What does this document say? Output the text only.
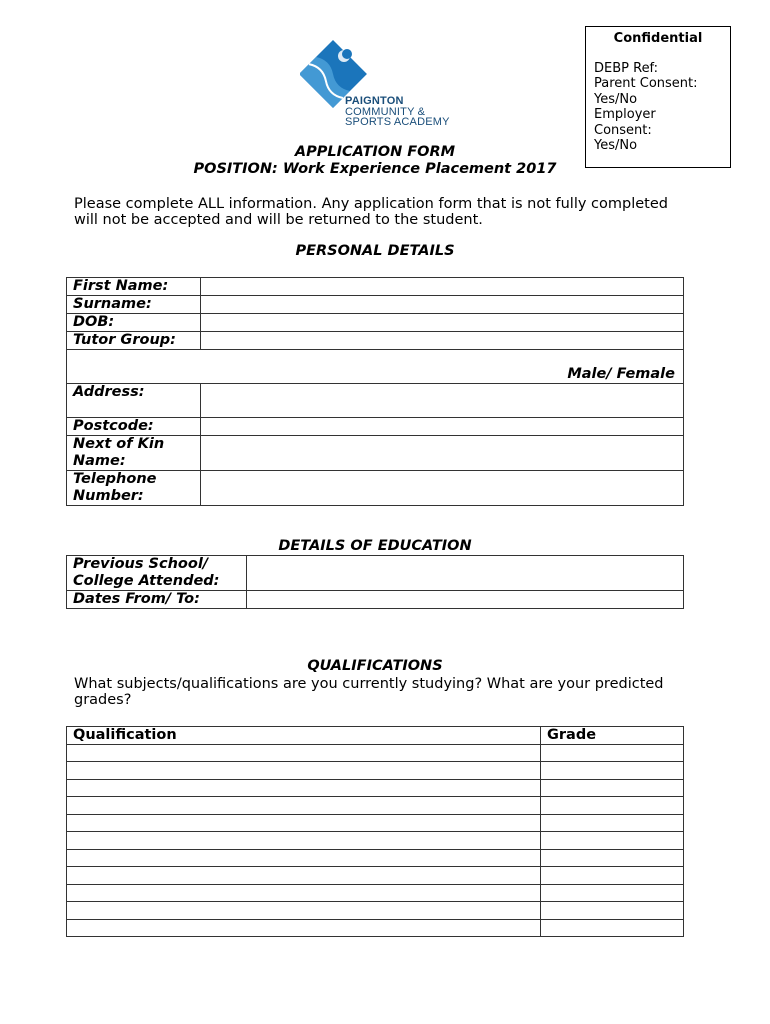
Confidential
DEBP Ref:
Parent Consent:
Yes/No
Employer
Consent:
Yes/No
PAIGNTON
COMMUNITY &
SPORTS ACADEMY
APPLICATION FORM
POSITION: Work Experience Placement 2017
Please complete ALL information. Any application form that is not fully completed will not be accepted and will be returned to the student.
PERSONAL DETAILS
First Name:	
Surname:	
DOB:	
Tutor Group:	
Male/ Female	
Address:	
Postcode:	
Next of Kin Name:	
Telephone Number:	
DETAILS OF EDUCATION
Previous School/ College Attended:	
Dates From/ To:	
QUALIFICATIONS
What subjects/qualifications are you currently studying? What are your predicted grades?
Qualification	Grade
